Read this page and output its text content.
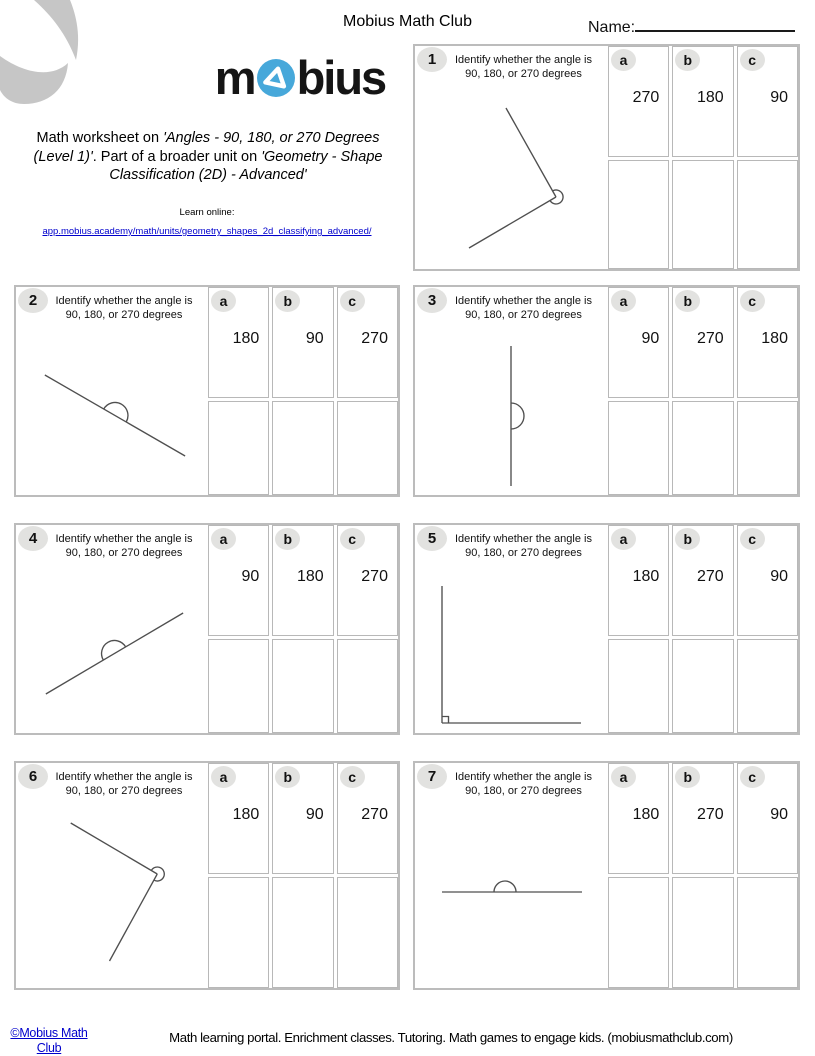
Mobius Math Club	Name:
m bius
Math worksheet on 'Angles - 90, 180, or 270 Degrees (Level 1)'. Part of a broader unit on 'Geometry - Shape Classification (2D) - Advanced'
Learn online:
app.mobius.academy/math/units/geometry_shapes_2d_classifying_advanced/
1	Identify whether the angle is
90, 180, or 270 degrees
a
270
b
180
c
90
2	Identify whether the angle is
90, 180, or 270 degrees
a
180
b
90
c
270
3	Identify whether the angle is
90, 180, or 270 degrees
a
90
b
270
c
180
4	Identify whether the angle is
90, 180, or 270 degrees
a
90
b
180
c
270
5	Identify whether the angle is
90, 180, or 270 degrees
a
180
b
270
c
90
6	Identify whether the angle is
90, 180, or 270 degrees
a
180
b
90
c
270
7	Identify whether the angle is
90, 180, or 270 degrees
a
180
b
270
c
90
©Mobius Math Club
Math learning portal. Enrichment classes. Tutoring. Math games to engage kids. (mobiusmathclub.com)
